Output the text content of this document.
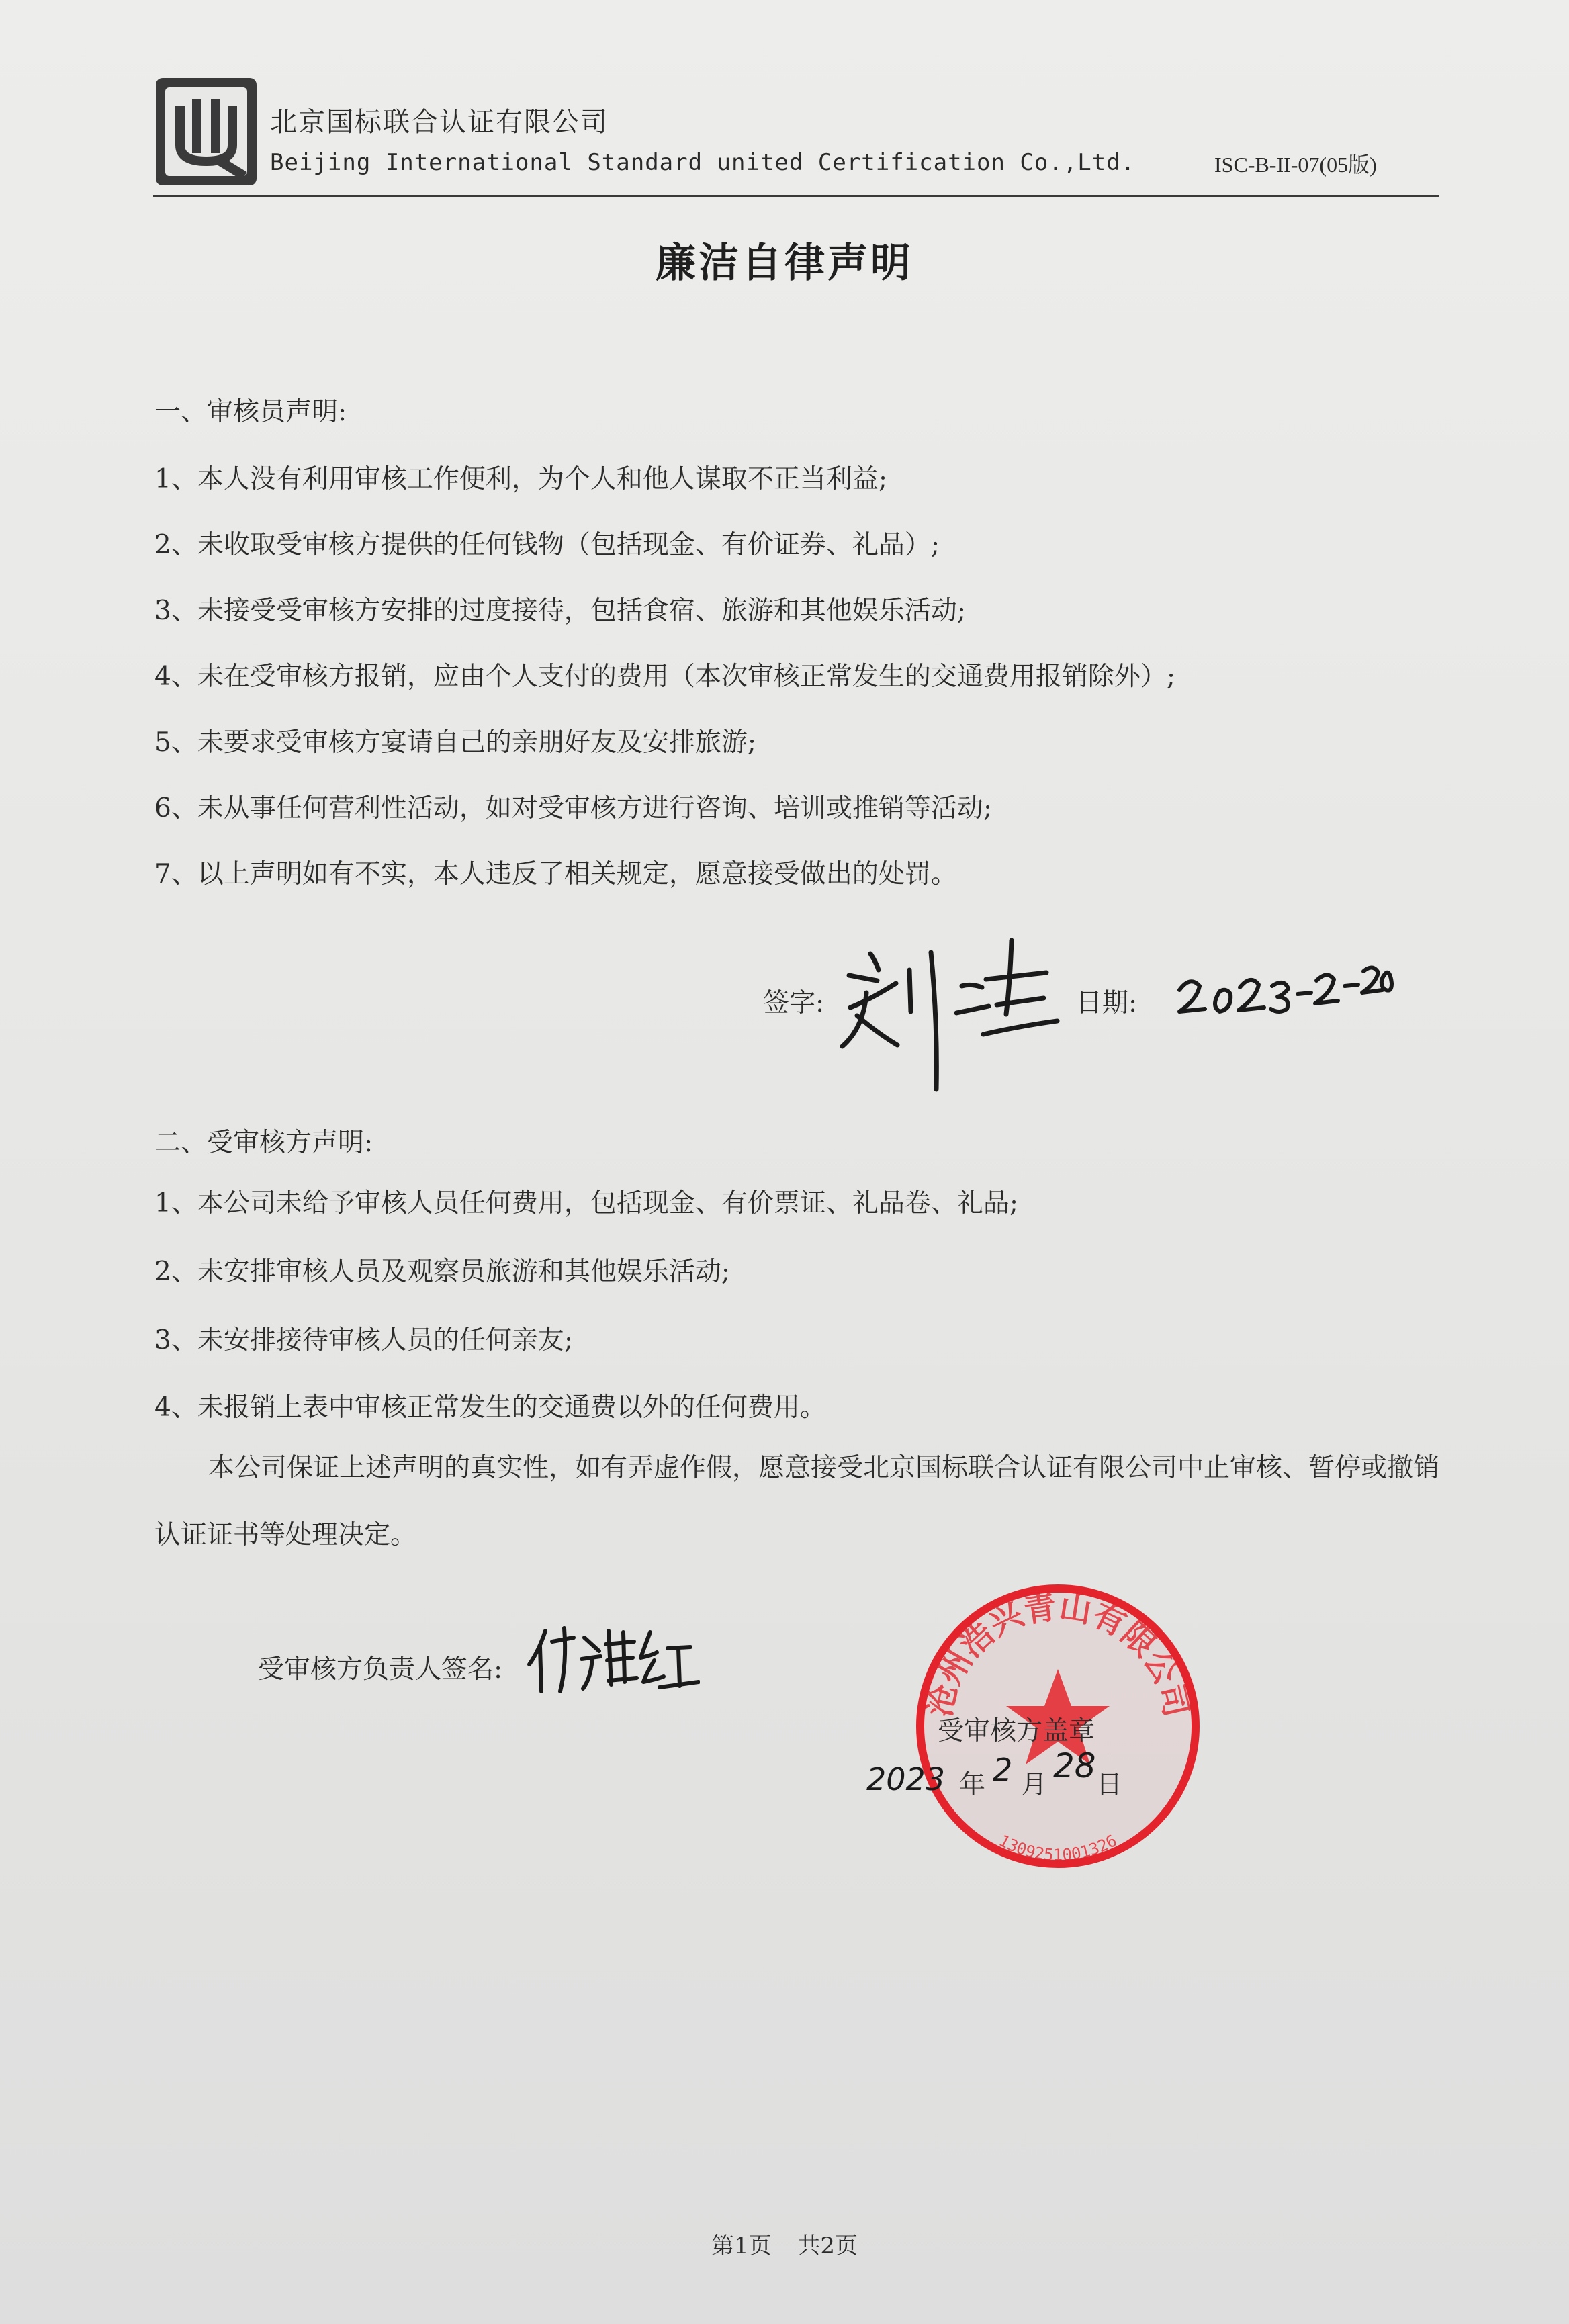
北京国标联合认证有限公司
Beijing International Standard united Certification Co.,Ltd.	ISC-B-II-07(05版)
廉洁自律声明
一、审核员声明:
1、本人没有利用审核工作便利，为个人和他人谋取不正当利益;
2、未收取受审核方提供的任何钱物（包括现金、有价证券、礼品）;
3、未接受受审核方安排的过度接待，包括食宿、旅游和其他娱乐活动;
4、未在受审核方报销，应由个人支付的费用（本次审核正常发生的交通费用报销除外）;
5、未要求受审核方宴请自己的亲朋好友及安排旅游;
6、未从事任何营利性活动，如对受审核方进行咨询、培训或推销等活动;
7、以上声明如有不实，本人违反了相关规定，愿意接受做出的处罚。
签字:	日期:
二、受审核方声明:
1、本公司未给予审核人员任何费用，包括现金、有价票证、礼品卷、礼品;
2、未安排审核人员及观察员旅游和其他娱乐活动;
3、未安排接待审核人员的任何亲友;
4、未报销上表中审核正常发生的交通费以外的任何费用。
本公司保证上述声明的真实性，如有弄虚作假，愿意接受北京国标联合认证有限公司中止审核、暂停或撤销认证证书等处理决定。
受审核方负责人签名:
沧州浩兴青山有限公司
1309251001326
受审核方盖章
2023 年 2 月 28 日
第1页 共2页
